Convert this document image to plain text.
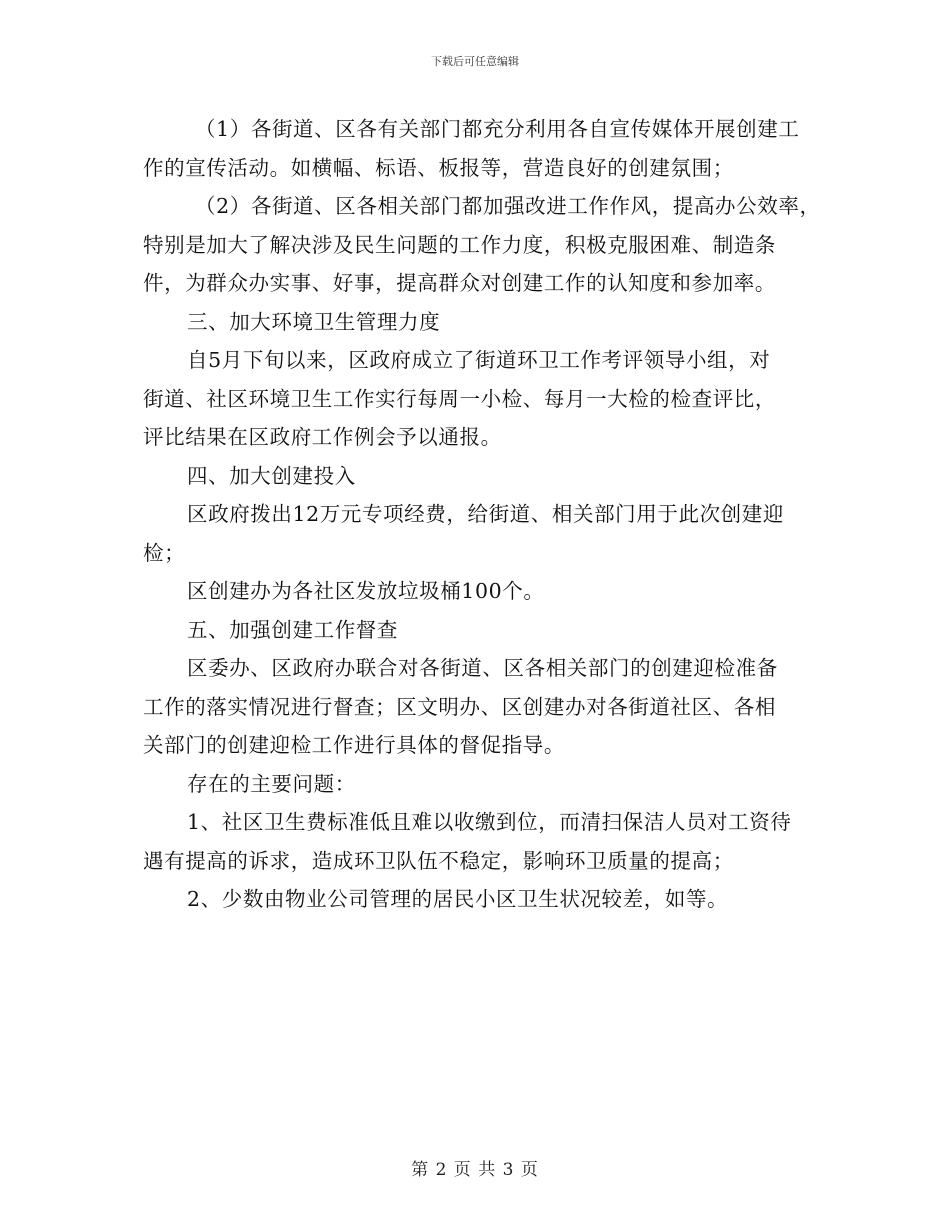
下载后可任意编辑
（1）各街道、区各有关部门都充分利用各自宣传媒体开展创建工
作的宣传活动。如横幅、标语、板报等，营造良好的创建氛围；
（2）各街道、区各相关部门都加强改进工作作风，提高办公效率，
特别是加大了解决涉及民生问题的工作力度，积极克服困难、制造条
件，为群众办实事、好事，提高群众对创建工作的认知度和参加率。
三、加大环境卫生管理力度
自5月下旬以来，区政府成立了街道环卫工作考评领导小组，对
街道、社区环境卫生工作实行每周一小检、每月一大检的检查评比，
评比结果在区政府工作例会予以通报。
四、加大创建投入
区政府拨出12万元专项经费，给街道、相关部门用于此次创建迎
检；
区创建办为各社区发放垃圾桶100个。
五、加强创建工作督查
区委办、区政府办联合对各街道、区各相关部门的创建迎检准备
工作的落实情况进行督查；区文明办、区创建办对各街道社区、各相
关部门的创建迎检工作进行具体的督促指导。
存在的主要问题：
1、社区卫生费标准低且难以收缴到位，而清扫保洁人员对工资待
遇有提高的诉求，造成环卫队伍不稳定，影响环卫质量的提高；
2、少数由物业公司管理的居民小区卫生状况较差，如等。
第 2 页 共 3 页
